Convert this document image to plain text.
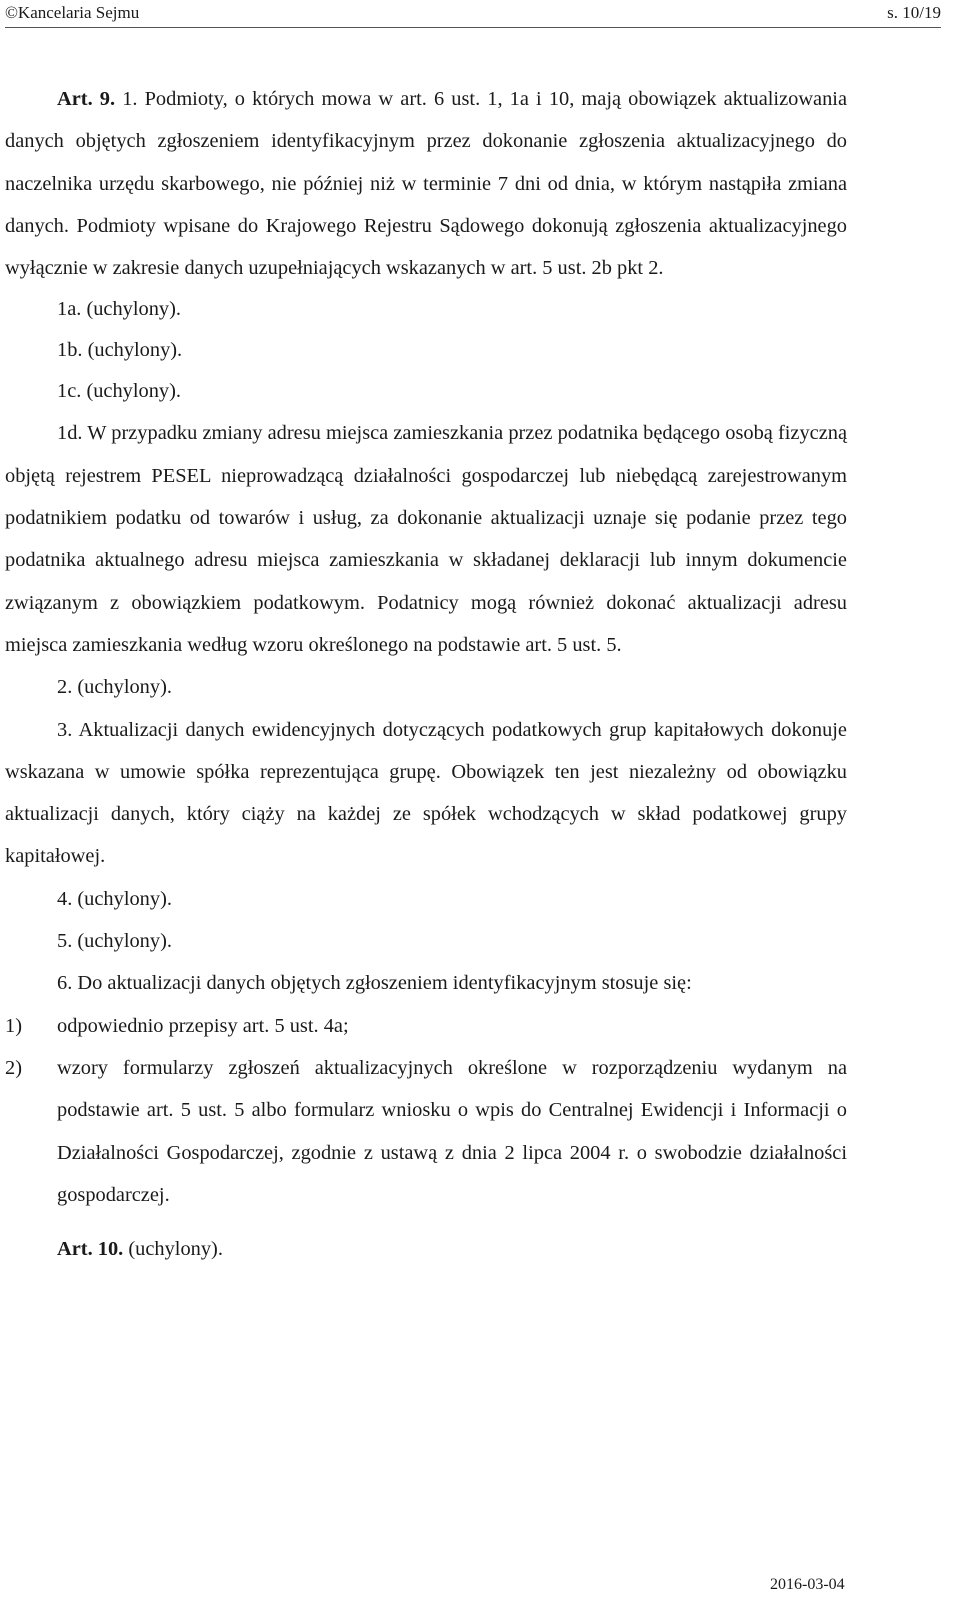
©Kancelaria Sejmu	s. 10/19

Art. 9. 1. Podmioty, o których mowa w art. 6 ust. 1, 1a i 10, mają obowiązek aktualizowania danych objętych zgłoszeniem identyfikacyjnym przez dokonanie zgłoszenia aktualizacyjnego do naczelnika urzędu skarbowego, nie później niż w terminie 7 dni od dnia, w którym nastąpiła zmiana danych. Podmioty wpisane do Krajowego Rejestru Sądowego dokonują zgłoszenia aktualizacyjnego wyłącznie w zakresie danych uzupełniających wskazanych w art. 5 ust. 2b pkt 2.

1a. (uchylony).

1b. (uchylony).

1c. (uchylony).

1d. W przypadku zmiany adresu miejsca zamieszkania przez podatnika będącego osobą fizyczną objętą rejestrem PESEL nieprowadzącą działalności gospodarczej lub niebędącą zarejestrowanym podatnikiem podatku od towarów i usług, za dokonanie aktualizacji uznaje się podanie przez tego podatnika aktualnego adresu miejsca zamieszkania w składanej deklaracji lub innym dokumencie związanym z obowiązkiem podatkowym. Podatnicy mogą również dokonać aktualizacji adresu miejsca zamieszkania według wzoru określonego na podstawie art. 5 ust. 5.

2. (uchylony).

3. Aktualizacji danych ewidencyjnych dotyczących podatkowych grup kapitałowych dokonuje wskazana w umowie spółka reprezentująca grupę. Obowiązek ten jest niezależny od obowiązku aktualizacji danych, który ciąży na każdej ze spółek wchodzących w skład podatkowej grupy kapitałowej.

4. (uchylony).

5. (uchylony).

6. Do aktualizacji danych objętych zgłoszeniem identyfikacyjnym stosuje się:

1) odpowiednio przepisy art. 5 ust. 4a;
2) wzory formularzy zgłoszeń aktualizacyjnych określone w rozporządzeniu wydanym na podstawie art. 5 ust. 5 albo formularz wniosku o wpis do Centralnej Ewidencji i Informacji o Działalności Gospodarczej, zgodnie z ustawą z dnia 2 lipca 2004 r. o swobodzie działalności gospodarczej.

Art. 10. (uchylony).

2016-03-04
